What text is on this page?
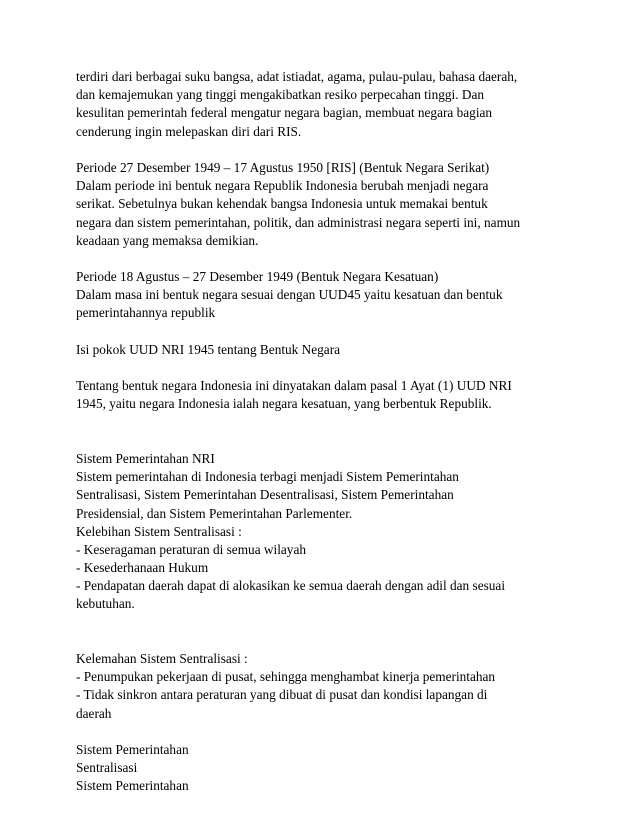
terdiri dari berbagai suku bangsa, adat istiadat, agama, pulau-pulau, bahasa daerah,
dan kemajemukan yang tinggi mengakibatkan resiko perpecahan tinggi. Dan
kesulitan pemerintah federal mengatur negara bagian, membuat negara bagian
cenderung ingin melepaskan diri dari RIS.
Periode 27 Desember 1949 – 17 Agustus 1950 [RIS] (Bentuk Negara Serikat)
Dalam periode ini bentuk negara Republik Indonesia berubah menjadi negara
serikat. Sebetulnya bukan kehendak bangsa Indonesia untuk memakai bentuk
negara dan sistem pemerintahan, politik, dan administrasi negara seperti ini, namun
keadaan yang memaksa demikian.
Periode 18 Agustus – 27 Desember 1949 (Bentuk Negara Kesatuan)
Dalam masa ini bentuk negara sesuai dengan UUD45 yaitu kesatuan dan bentuk
pemerintahannya republik
Isi pokok UUD NRI 1945 tentang Bentuk Negara
Tentang bentuk negara Indonesia ini dinyatakan dalam pasal 1 Ayat (1) UUD NRI
1945, yaitu negara Indonesia ialah negara kesatuan, yang berbentuk Republik.
Sistem Pemerintahan NRI
Sistem pemerintahan di Indonesia terbagi menjadi Sistem Pemerintahan
Sentralisasi, Sistem Pemerintahan Desentralisasi, Sistem Pemerintahan
Presidensial, dan Sistem Pemerintahan Parlementer.
Kelebihan Sistem Sentralisasi :
- Keseragaman peraturan di semua wilayah
- Kesederhanaan Hukum
- Pendapatan daerah dapat di alokasikan ke semua daerah dengan adil dan sesuai
kebutuhan.
Kelemahan Sistem Sentralisasi :
- Penumpukan pekerjaan di pusat, sehingga menghambat kinerja pemerintahan
- Tidak sinkron antara peraturan yang dibuat di pusat dan kondisi lapangan di
daerah
Sistem Pemerintahan
Sentralisasi
Sistem Pemerintahan
